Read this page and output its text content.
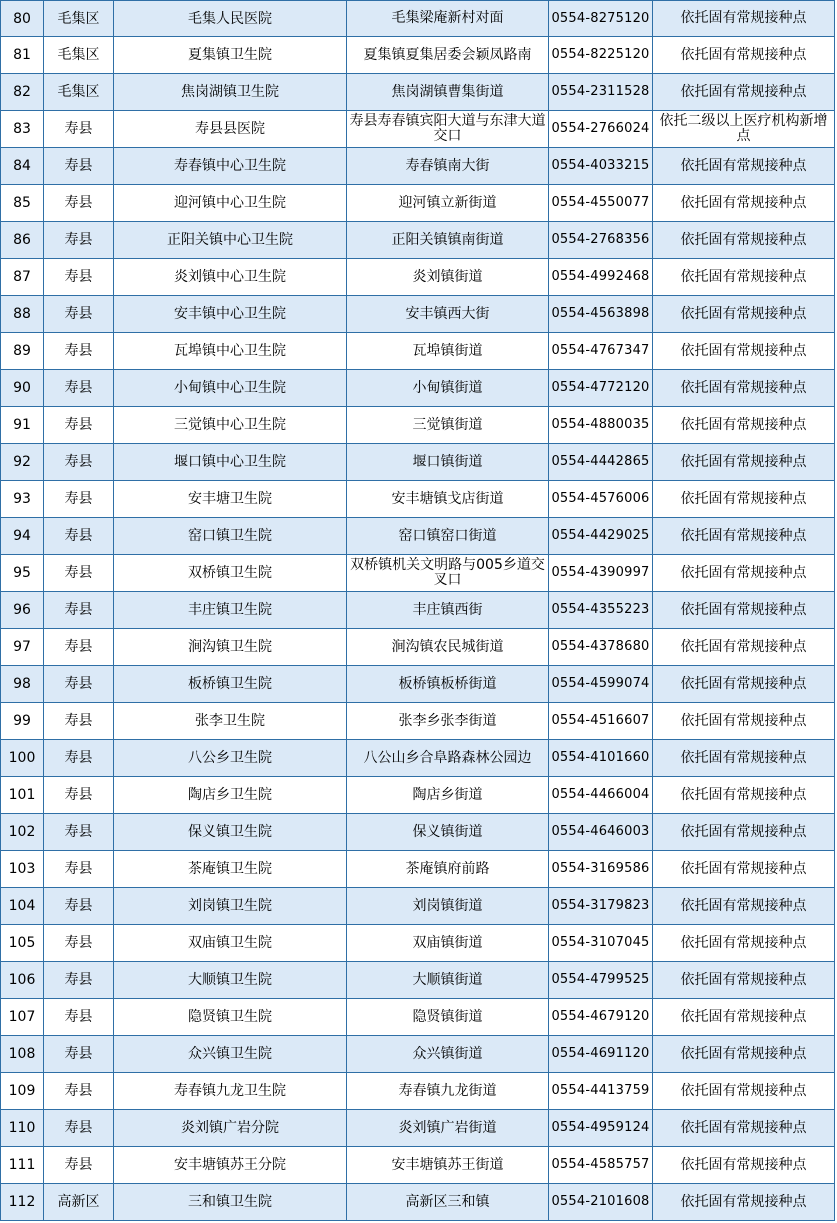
80	毛集区	毛集人民医院	毛集梁庵新村对面	0554-8275120	依托固有常规接种点
81	毛集区	夏集镇卫生院	夏集镇夏集居委会颖凤路南	0554-8225120	依托固有常规接种点
82	毛集区	焦岗湖镇卫生院	焦岗湖镇曹集街道	0554-2311528	依托固有常规接种点
83	寿县	寿县县医院	寿县寿春镇宾阳大道与东津大道交口	0554-2766024	依托二级以上医疗机构新增点
84	寿县	寿春镇中心卫生院	寿春镇南大街	0554-4033215	依托固有常规接种点
85	寿县	迎河镇中心卫生院	迎河镇立新街道	0554-4550077	依托固有常规接种点
86	寿县	正阳关镇中心卫生院	正阳关镇镇南街道	0554-2768356	依托固有常规接种点
87	寿县	炎刘镇中心卫生院	炎刘镇街道	0554-4992468	依托固有常规接种点
88	寿县	安丰镇中心卫生院	安丰镇西大街	0554-4563898	依托固有常规接种点
89	寿县	瓦埠镇中心卫生院	瓦埠镇街道	0554-4767347	依托固有常规接种点
90	寿县	小甸镇中心卫生院	小甸镇街道	0554-4772120	依托固有常规接种点
91	寿县	三觉镇中心卫生院	三觉镇街道	0554-4880035	依托固有常规接种点
92	寿县	堰口镇中心卫生院	堰口镇街道	0554-4442865	依托固有常规接种点
93	寿县	安丰塘卫生院	安丰塘镇戈店街道	0554-4576006	依托固有常规接种点
94	寿县	窑口镇卫生院	窑口镇窑口街道	0554-4429025	依托固有常规接种点
95	寿县	双桥镇卫生院	双桥镇机关文明路与005乡道交叉口	0554-4390997	依托固有常规接种点
96	寿县	丰庄镇卫生院	丰庄镇西街	0554-4355223	依托固有常规接种点
97	寿县	涧沟镇卫生院	涧沟镇农民城街道	0554-4378680	依托固有常规接种点
98	寿县	板桥镇卫生院	板桥镇板桥街道	0554-4599074	依托固有常规接种点
99	寿县	张李卫生院	张李乡张李街道	0554-4516607	依托固有常规接种点
100	寿县	八公乡卫生院	八公山乡合阜路森林公园边	0554-4101660	依托固有常规接种点
101	寿县	陶店乡卫生院	陶店乡街道	0554-4466004	依托固有常规接种点
102	寿县	保义镇卫生院	保义镇街道	0554-4646003	依托固有常规接种点
103	寿县	茶庵镇卫生院	茶庵镇府前路	0554-3169586	依托固有常规接种点
104	寿县	刘岗镇卫生院	刘岗镇街道	0554-3179823	依托固有常规接种点
105	寿县	双庙镇卫生院	双庙镇街道	0554-3107045	依托固有常规接种点
106	寿县	大顺镇卫生院	大顺镇街道	0554-4799525	依托固有常规接种点
107	寿县	隐贤镇卫生院	隐贤镇街道	0554-4679120	依托固有常规接种点
108	寿县	众兴镇卫生院	众兴镇街道	0554-4691120	依托固有常规接种点
109	寿县	寿春镇九龙卫生院	寿春镇九龙街道	0554-4413759	依托固有常规接种点
110	寿县	炎刘镇广岩分院	炎刘镇广岩街道	0554-4959124	依托固有常规接种点
111	寿县	安丰塘镇苏王分院	安丰塘镇苏王街道	0554-4585757	依托固有常规接种点
112	高新区	三和镇卫生院	高新区三和镇	0554-2101608	依托固有常规接种点
